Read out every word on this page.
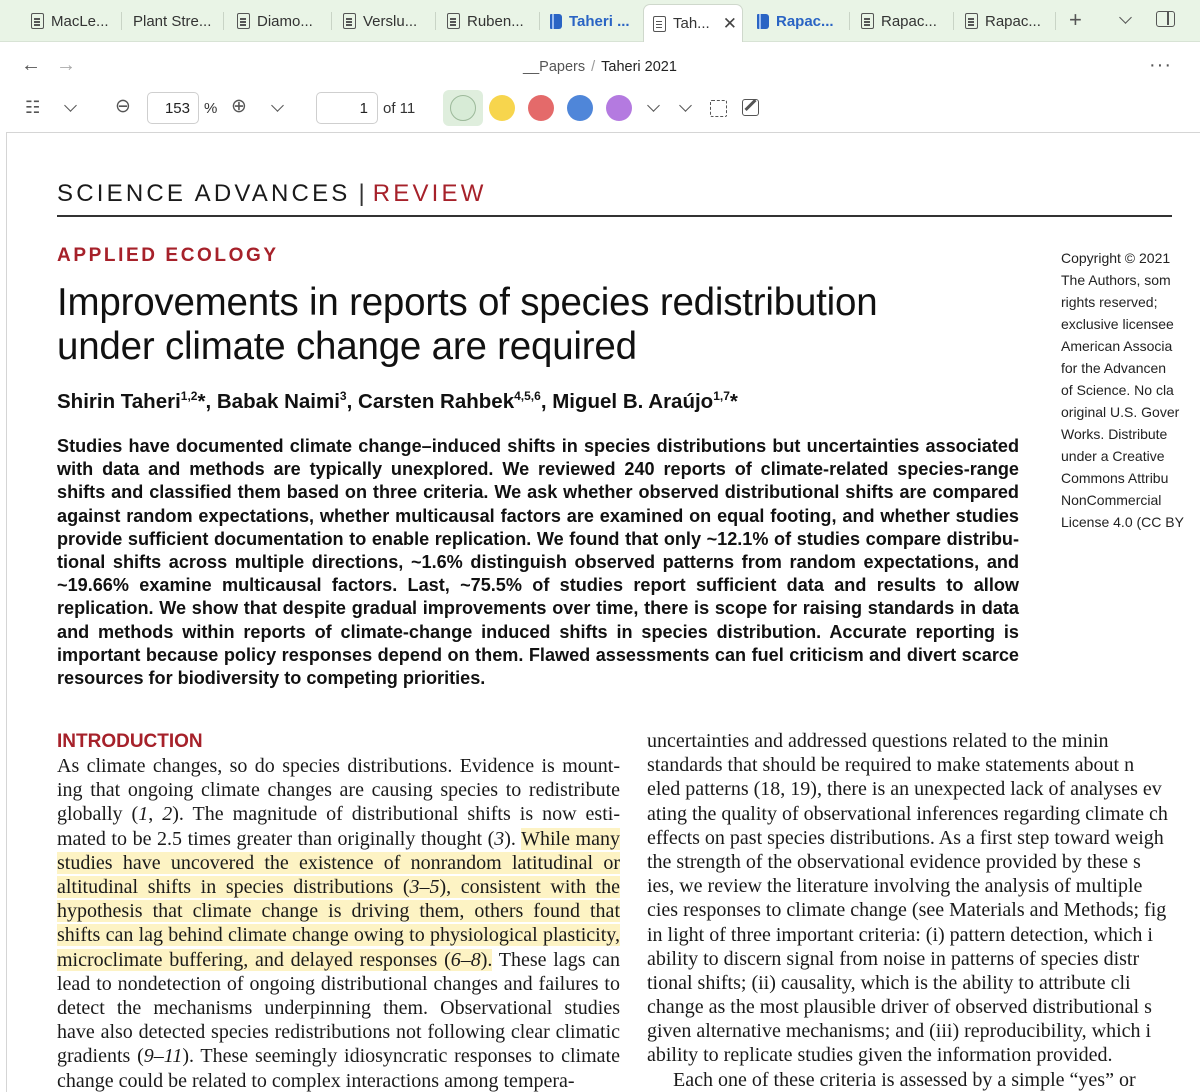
MacLe... Plant Stre...	Diamo...	Verslu...	Ruben...	Taheri ...	Tah... ✕	Rapac...	Rapac...	Rapac... +
← →	__Papers / Taheri 2021	···
☷	⊖	153 % ⊕	1	of 11
SCIENCE ADVANCES | REVIEW
APPLIED ECOLOGY
Improvements in reports of species redistribution under climate change are required
Shirin Taheri$^{1,2}$*, Babak Naimi$^3$, Carsten Rahbek$^{4,5,6}$, Miguel B. Araújo$^{1,7}$*

Studies have documented climate change–induced shifts in species distributions but uncertainties associated with data and methods are typically unexplored. We reviewed 240 reports of climate-related species-range shifts and classified them based on three criteria. We ask whether observed distributional shifts are compared against random expectations, whether multicausal factors are examined on equal footing, and whether studies provide sufficient documentation to enable replication. We found that only ~12.1% of studies compare distribu-tional shifts across multiple directions, ~1.6% distinguish observed patterns from random expectations, and ~19.66% examine multicausal factors. Last, ~75.5% of studies report sufficient data and results to allow replication. We show that despite gradual improvements over time, there is scope for raising standards in data and methods within reports of climate-change induced shifts in species distribution. Accurate reporting is important because policy responses depend on them. Flawed assessments can fuel criticism and divert scarce resources for biodiversity to competing priorities.

Copyright © 2021
The Authors, som
rights reserved;
exclusive licensee
American Associa
for the Advancen
of Science. No cla
original U.S. Gover
Works. Distribute
under a Creative
Commons Attribu
NonCommercial
License 4.0 (CC BY
INTRODUCTION

As climate changes, so do species distributions. Evidence is mount-ing that ongoing climate changes are causing species to redistribute globally (1, 2). The magnitude of distributional shifts is now esti-mated to be 2.5 times greater than originally thought (3). While many studies have uncovered the existence of nonrandom latitudinal or altitudinal shifts in species distributions (3–5), consistent with the hypothesis that climate change is driving them, others found that shifts can lag behind climate change owing to physiological plasticity, microclimate buffering, and delayed responses (6–8). These lags can lead to nondetection of ongoing distributional changes and failures to detect the mechanisms underpinning them. Observational studies have also detected species redistributions not following clear climatic gradients (9–11). These seemingly idiosyncratic responses to climate change could be related to complex interactions among tempera-

uncertainties and addressed questions related to the minin
standards that should be required to make statements about n
eled patterns (18, 19), there is an unexpected lack of analyses ev
ating the quality of observational inferences regarding climate ch
effects on past species distributions. As a first step toward weigh
the strength of the observational evidence provided by these s
ies, we review the literature involving the analysis of multiple
cies responses to climate change (see Materials and Methods; fig
in light of three important criteria: (i) pattern detection, which i
ability to discern signal from noise in patterns of species distr
tional shifts; (ii) causality, which is the ability to attribute cli
change as the most plausible driver of observed distributional s
given alternative mechanisms; and (iii) reproducibility, which i
ability to replicate studies given the information provided.
Each one of these criteria is assessed by a simple “yes” or
